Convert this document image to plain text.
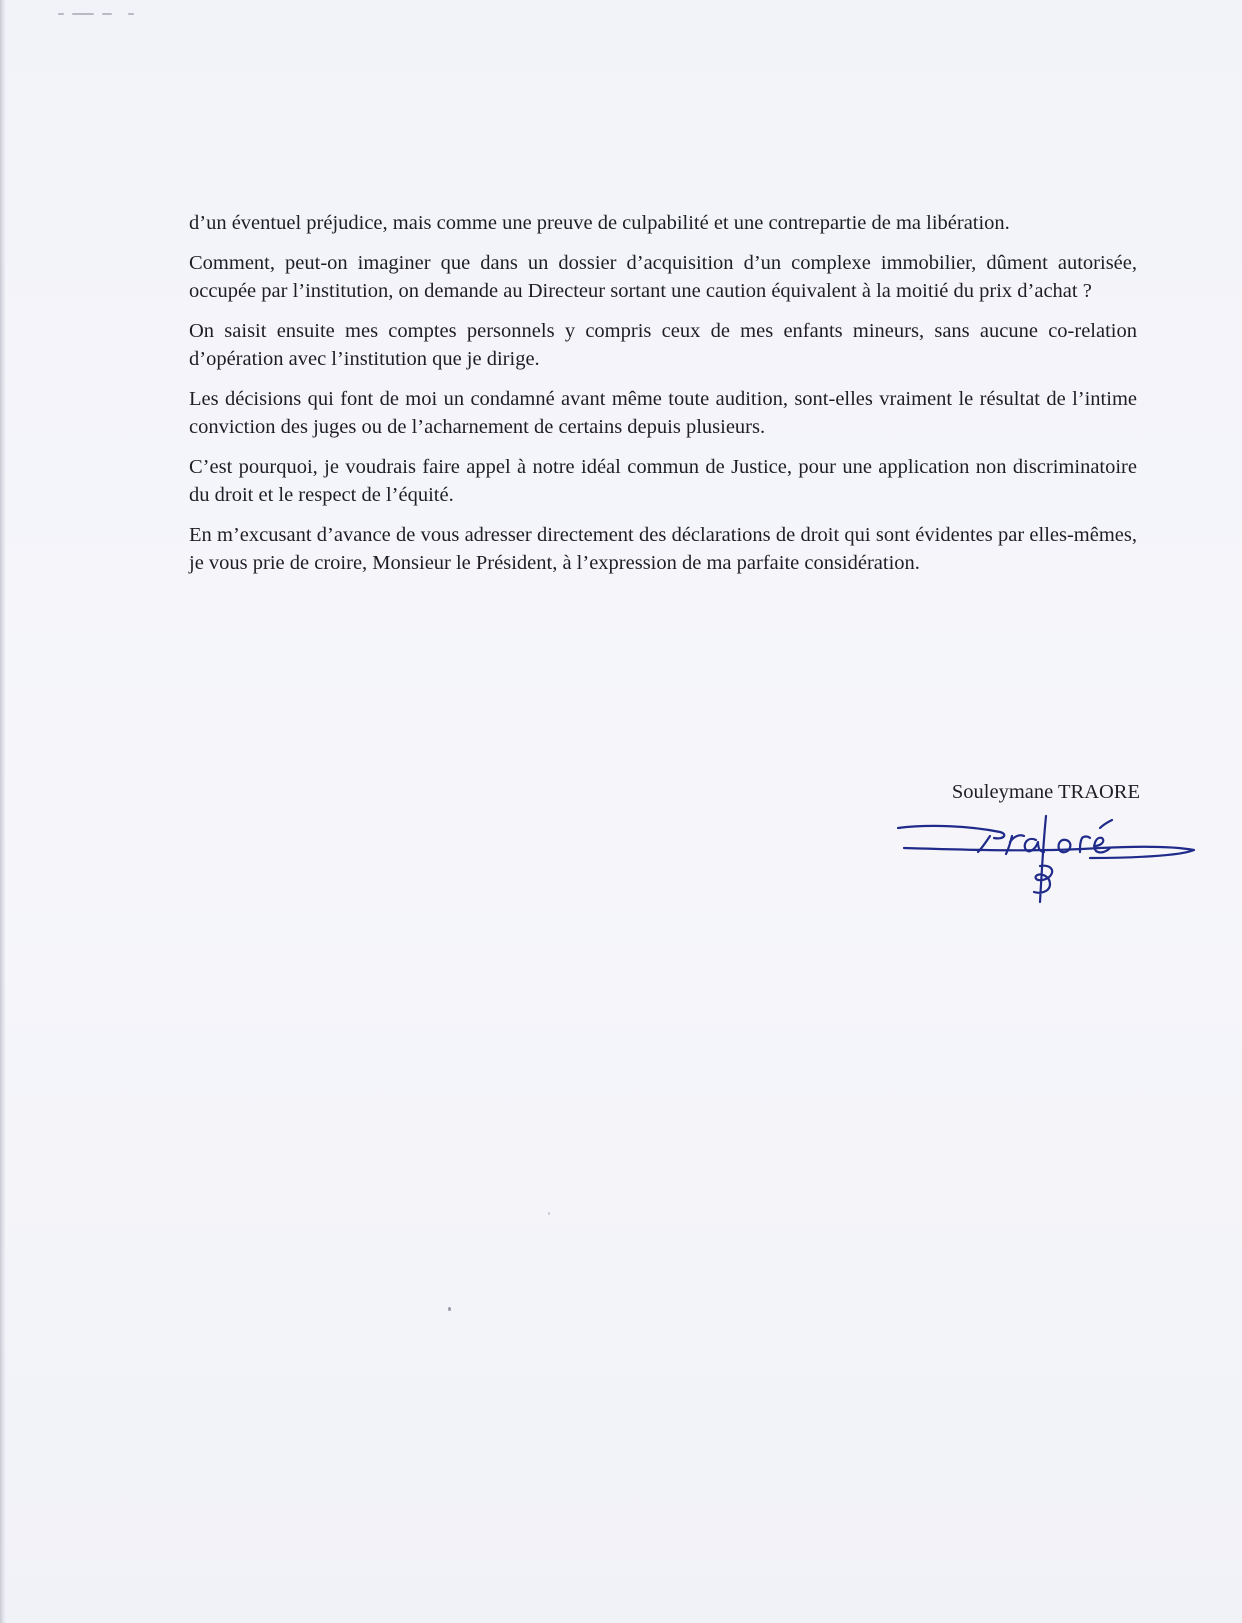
d’un éventuel préjudice, mais comme une preuve de culpabilité et une contrepartie de ma libération.

Comment, peut-on imaginer que dans un dossier d’acquisition d’un complexe immobilier, dûment autorisée, occupée par l’institution, on demande au Directeur sortant une caution équivalent à la moitié du prix d’achat ?

On saisit ensuite mes comptes personnels y compris ceux de mes enfants mineurs, sans aucune co-relation d’opération avec l’institution que je dirige.

Les décisions qui font de moi un condamné avant même toute audition, sont-elles vraiment le résultat de l’intime conviction des juges ou de l’acharnement de certains depuis plusieurs.

C’est pourquoi, je voudrais faire appel à notre idéal commun de Justice, pour une application non discriminatoire du droit et le respect de l’équité.

En m’excusant d’avance de vous adresser directement des déclarations de droit qui sont évidentes par elles-mêmes, je vous prie de croire, Monsieur le Président, à l’expression de ma parfaite considération.

Souleymane TRAORE
